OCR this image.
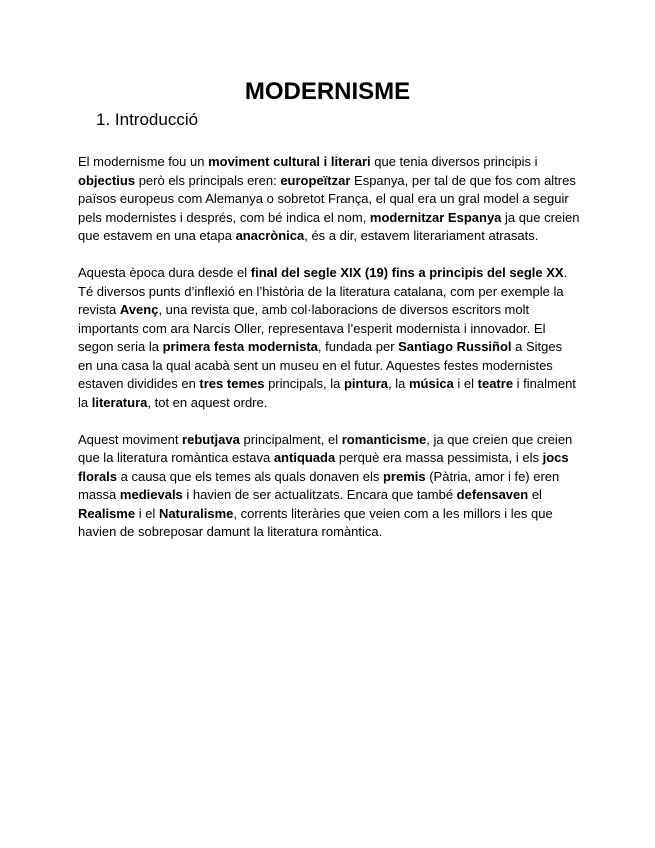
MODERNISME
1. Introducció

El modernisme fou un moviment cultural i literari que tenia diversos principis i objectius però els principals eren: europeïtzar Espanya, per tal de que fos com altres països europeus com Alemanya o sobretot França, el qual era un gral model a seguir pels modernistes i després, com bé indica el nom, modernitzar Espanya ja que creien que estavem en una etapa anacrònica, és a dir, estavem literariament atrasats.

Aquesta època dura desde el final del segle XIX (19) fins a principis del segle XX. Té diversos punts d’inflexió en l’història de la literatura catalana, com per exemple la revista Avenç, una revista que, amb col·laboracions de diversos escritors molt importants com ara Narcís Oller, representava l’esperit modernista i innovador. El segon seria la primera festa modernista, fundada per Santiago Russiñol a Sitges en una casa la qual acabà sent un museu en el futur. Aquestes festes modernistes estaven dividides en tres temes principals, la pintura, la música i el teatre i finalment la literatura, tot en aquest ordre.

Aquest moviment rebutjava principalment, el romanticisme, ja que creien que creien que la literatura romàntica estava antiquada perquè era massa pessimista, i els jocs florals a causa que els temes als quals donaven els premis (Pàtria, amor i fe) eren massa medievals i havien de ser actualitzats. Encara que també defensaven el Realisme i el Naturalisme, corrents literàries que veien com a les millors i les que havien de sobreposar damunt la literatura romàntica.
